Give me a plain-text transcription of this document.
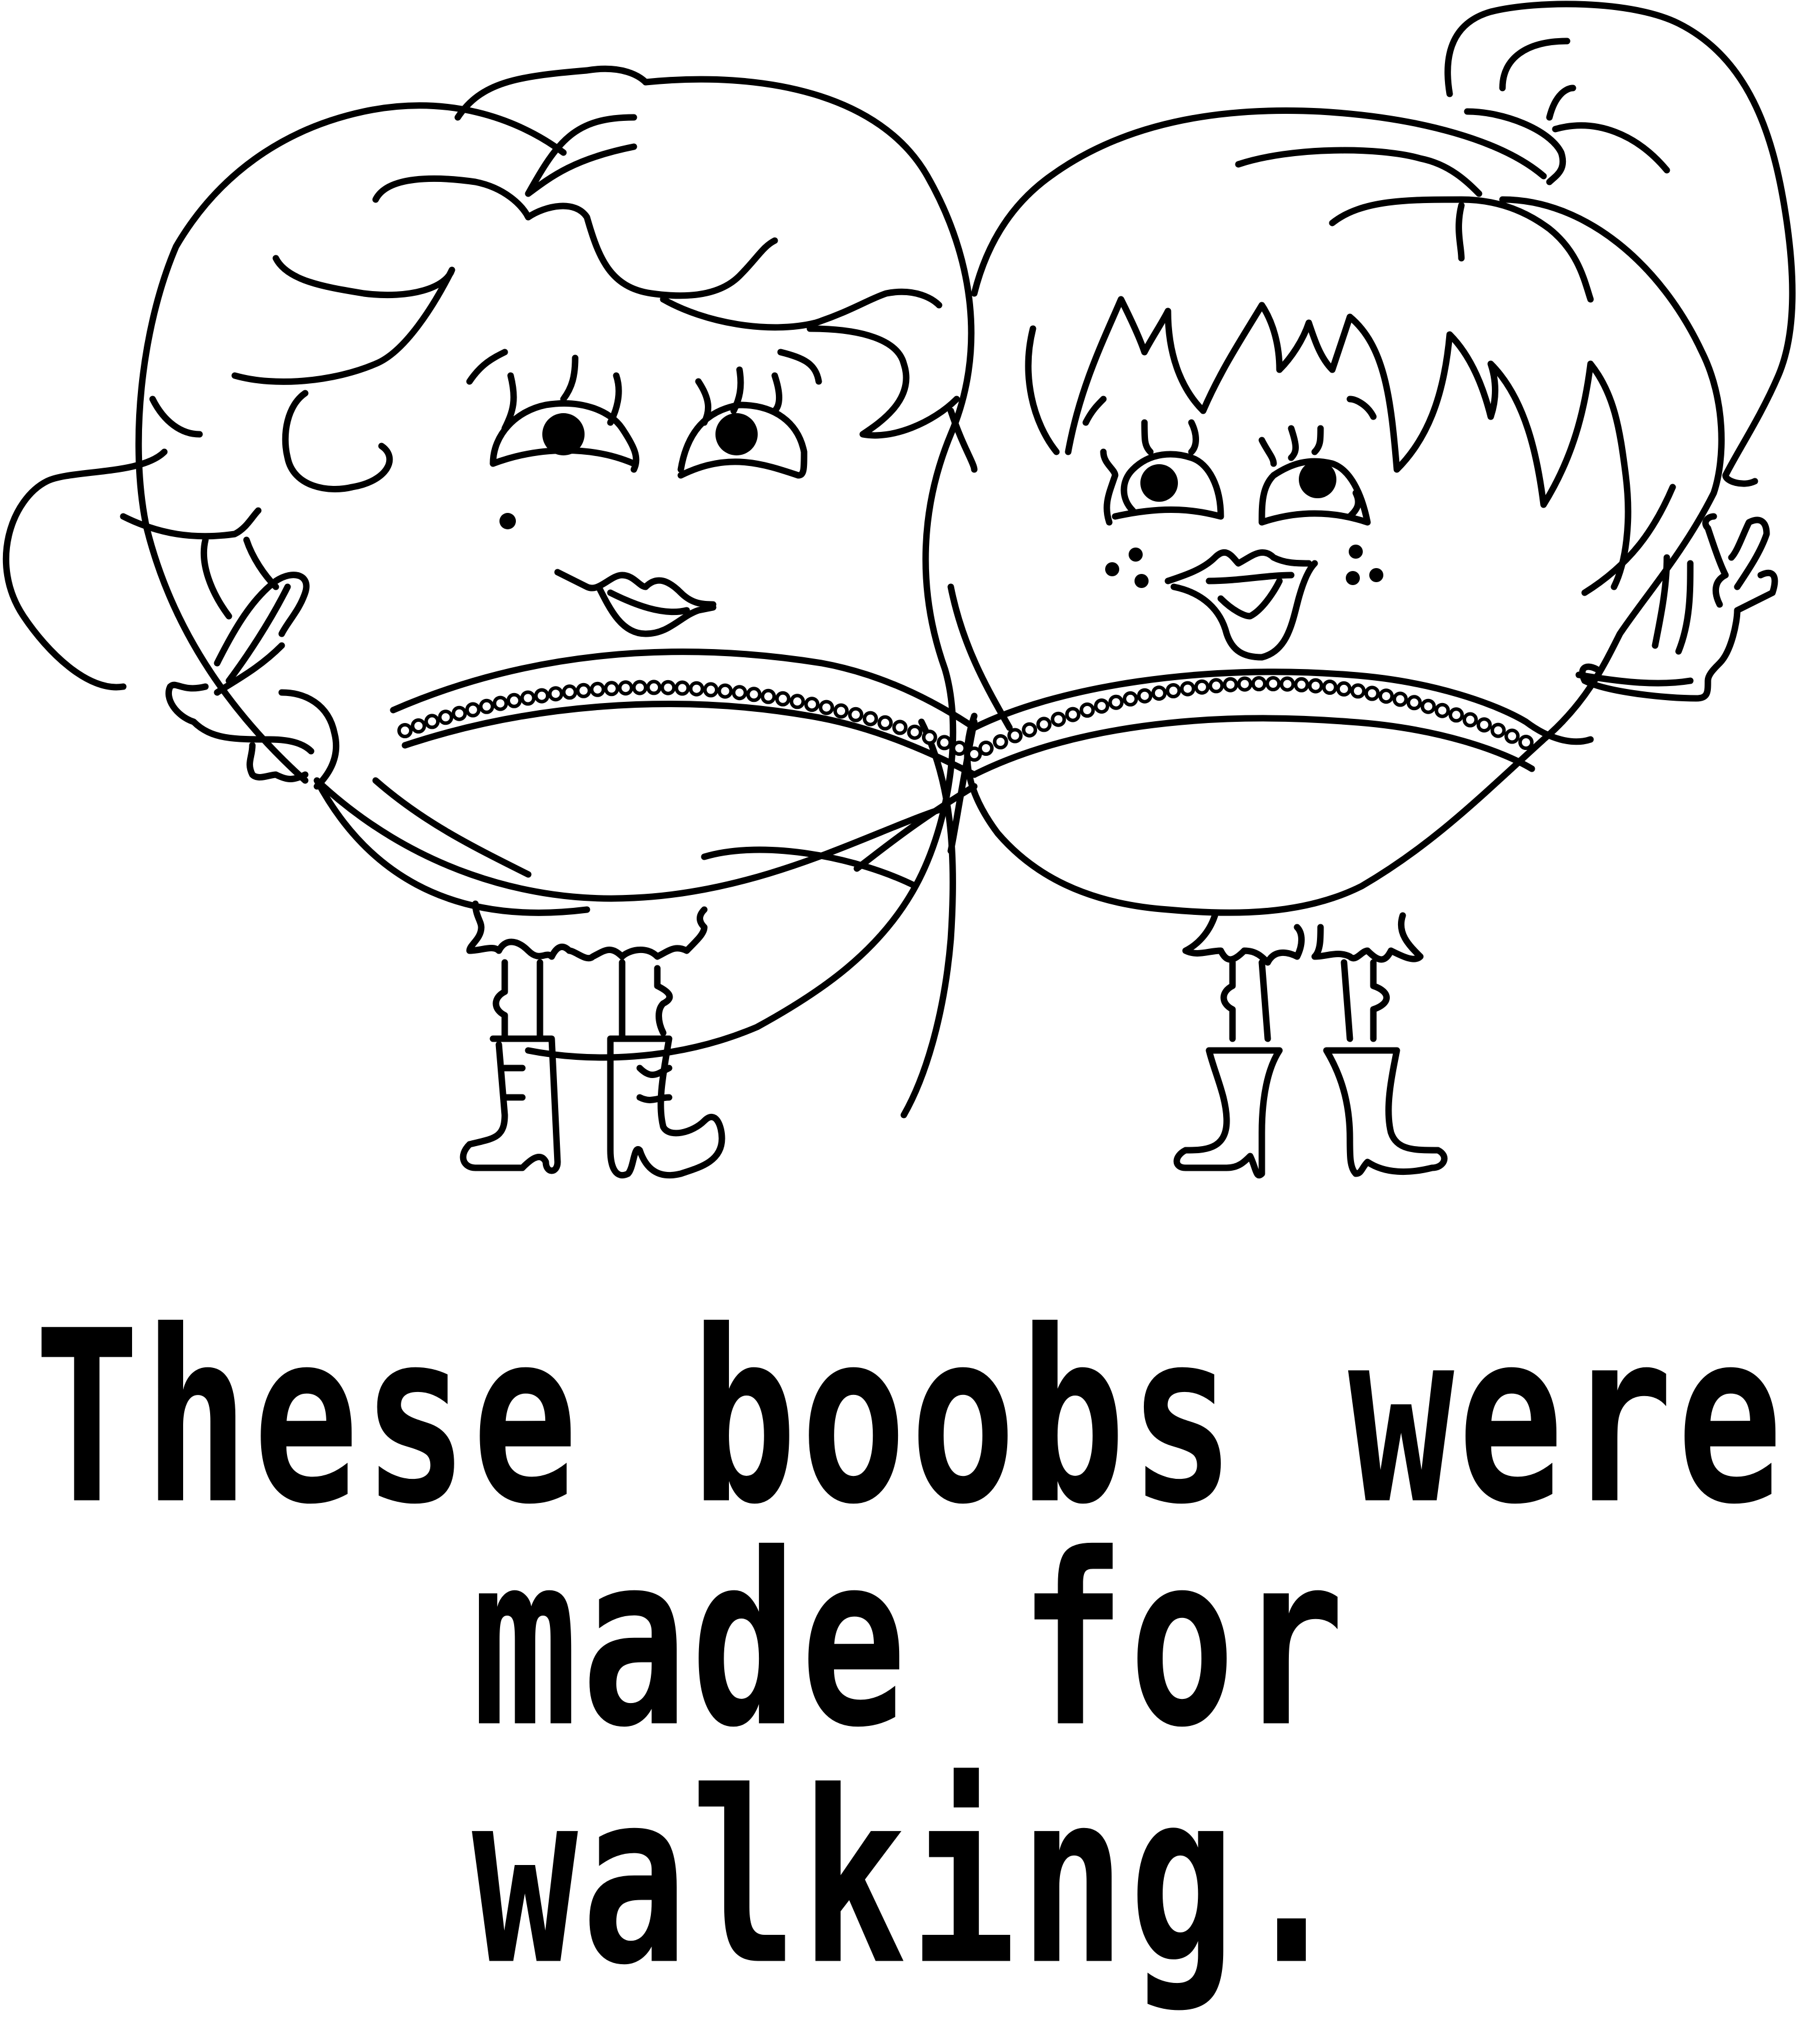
These boobs were
made for walking.
